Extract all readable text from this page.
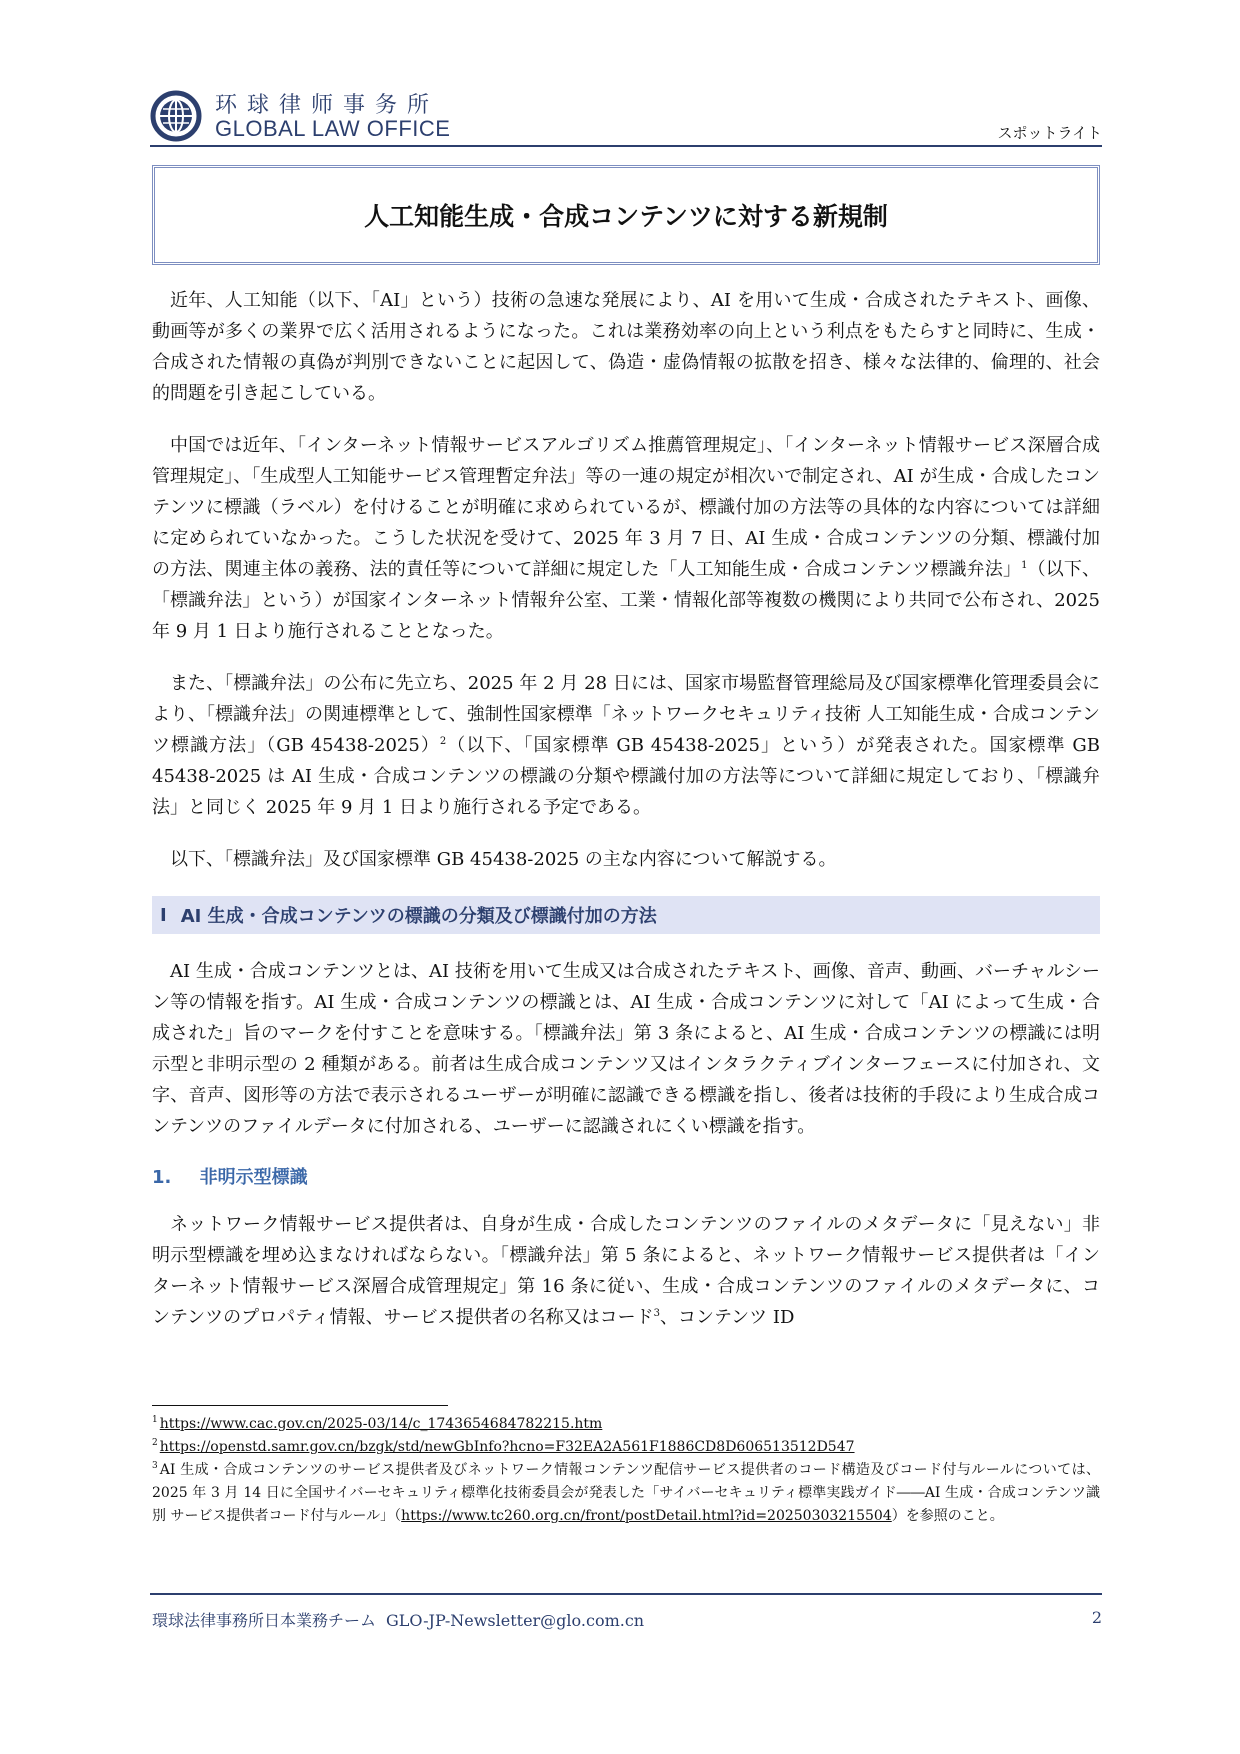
环球律师事务所
GLOBAL LAW OFFICE	スポットライト
人工知能生成・合成コンテンツに対する新規制

近年、人工知能（以下、「AI」という）技術の急速な発展により、AI を用いて生成・合成されたテキスト、画像、動画等が多くの業界で広く活用されるようになった。これは業務効率の向上という利点をもたらすと同時に、生成・合成された情報の真偽が判別できないことに起因して、偽造・虚偽情報の拡散を招き、様々な法律的、倫理的、社会的問題を引き起こしている。

中国では近年、「インターネット情報サービスアルゴリズム推薦管理規定」、「インターネット情報サービス深層合成管理規定」、「生成型人工知能サービス管理暫定弁法」等の一連の規定が相次いで制定され、AI が生成・合成したコンテンツに標識（ラベル）を付けることが明確に求められているが、標識付加の方法等の具体的な内容については詳細に定められていなかった。こうした状況を受けて、2025 年 3 月 7 日、AI 生成・合成コンテンツの分類、標識付加の方法、関連主体の義務、法的責任等について詳細に規定した「人工知能生成・合成コンテンツ標識弁法」$^1$（以下、「標識弁法」という）が国家インターネット情報弁公室、工業・情報化部等複数の機関により共同で公布され、2025 年 9 月 1 日より施行されることとなった。

また、「標識弁法」の公布に先立ち、2025 年 2 月 28 日には、国家市場監督管理総局及び国家標準化管理委員会により、「標識弁法」の関連標準として、強制性国家標準「ネットワークセキュリティ技術 人工知能生成・合成コンテンツ標識方法」（GB 45438-2025）$^2$（以下、「国家標準 GB 45438-2025」という）が発表された。国家標準 GB 45438-2025 は AI 生成・合成コンテンツの標識の分類や標識付加の方法等について詳細に規定しており、「標識弁法」と同じく 2025 年 9 月 1 日より施行される予定である。

以下、「標識弁法」及び国家標準 GB 45438-2025 の主な内容について解説する。

I AI 生成・合成コンテンツの標識の分類及び標識付加の方法

AI 生成・合成コンテンツとは、AI 技術を用いて生成又は合成されたテキスト、画像、音声、動画、バーチャルシーン等の情報を指す。AI 生成・合成コンテンツの標識とは、AI 生成・合成コンテンツに対して「AI によって生成・合成された」旨のマークを付すことを意味する。「標識弁法」第 3 条によると、AI 生成・合成コンテンツの標識には明示型と非明示型の 2 種類がある。前者は生成合成コンテンツ又はインタラクティブインターフェースに付加され、文字、音声、図形等の方法で表示されるユーザーが明確に認識できる標識を指し、後者は技術的手段により生成合成コンテンツのファイルデータに付加される、ユーザーに認識されにくい標識を指す。

1. 非明示型標識

ネットワーク情報サービス提供者は、自身が生成・合成したコンテンツのファイルのメタデータに「見えない」非明示型標識を埋め込まなければならない。「標識弁法」第 5 条によると、ネットワーク情報サービス提供者は「インターネット情報サービス深層合成管理規定」第 16 条に従い、生成・合成コンテンツのファイルのメタデータに、コンテンツのプロパティ情報、サービス提供者の名称又はコード$^3$、コンテンツ ID

$^1$ https://www.cac.gov.cn/2025-03/14/c_1743654684782215.htm

$^2$ https://openstd.samr.gov.cn/bzgk/std/newGbInfo?hcno=F32EA2A561F1886CD8D606513512D547

$^3$ AI 生成・合成コンテンツのサービス提供者及びネットワーク情報コンテンツ配信サービス提供者のコード構造及びコード付与ルールについては、2025 年 3 月 14 日に全国サイバーセキュリティ標準化技術委員会が発表した「サイバーセキュリティ標準実践ガイド――AI 生成・合成コンテンツ識別 サービス提供者コード付与ルール」（https://www.tc260.org.cn/front/postDetail.html?id=20250303215504）を参照のこと。

環球法律事務所日本業務チーム GLO-JP-Newsletter@glo.com.cn	2
